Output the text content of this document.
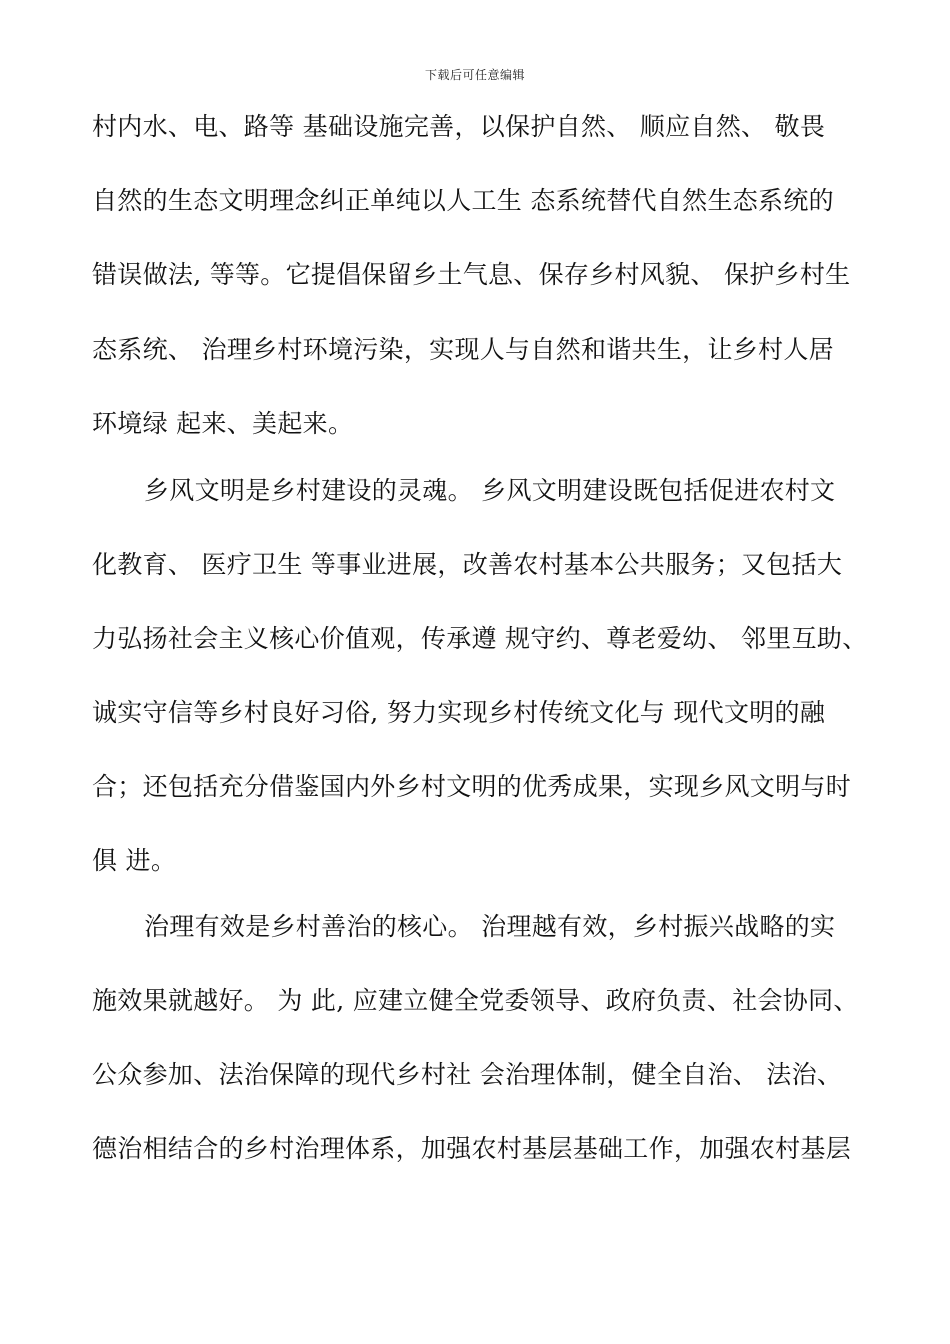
下载后可任意编辑
村内水、电、路等 基础设施完善，以保护自然、 顺应自然、 敬畏
自然的生态文明理念纠正单纯以人工生 态系统替代自然生态系统的
错误做法, 等等。它提倡保留乡土气息、保存乡村风貌、 保护乡村生
态系统、 治理乡村环境污染，实现人与自然和谐共生，让乡村人居
环境绿 起来、美起来。
乡风文明是乡村建设的灵魂。 乡风文明建设既包括促进农村文
化教育、 医疗卫生 等事业进展，改善农村基本公共服务；又包括大
力弘扬社会主义核心价值观，传承遵 规守约、尊老爱幼、 邻里互助、
诚实守信等乡村良好习俗, 努力实现乡村传统文化与 现代文明的融
合；还包括充分借鉴国内外乡村文明的优秀成果，实现乡风文明与时
俱 进。
治理有效是乡村善治的核心。 治理越有效，乡村振兴战略的实
施效果就越好。 为 此, 应建立健全党委领导、政府负责、社会协同、
公众参加、法治保障的现代乡村社 会治理体制，健全自治、 法治、
德治相结合的乡村治理体系，加强农村基层基础工作，加强农村基层
